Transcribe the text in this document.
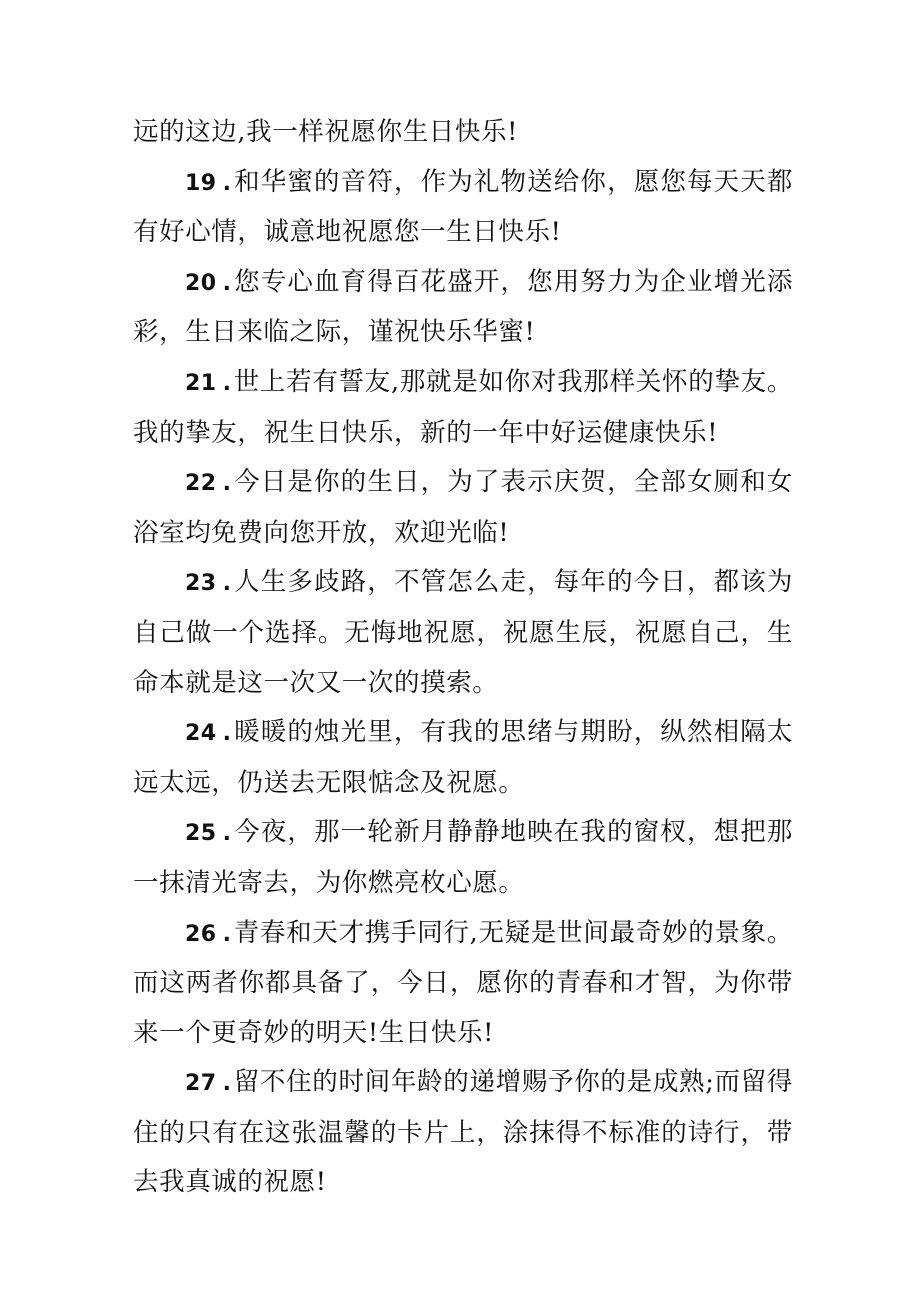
远的这边,我一样祝愿你生日快乐!

19 .和华蜜的音符，作为礼物送给你，愿您每天天都有好心情，诚意地祝愿您一生日快乐!

20 .您专心血育得百花盛开，您用努力为企业增光添彩，生日来临之际，谨祝快乐华蜜!

21 .世上若有誓友,那就是如你对我那样关怀的挚友。我的挚友，祝生日快乐，新的一年中好运健康快乐!

22 .今日是你的生日，为了表示庆贺，全部女厕和女浴室均免费向您开放，欢迎光临!

23 .人生多歧路，不管怎么走，每年的今日，都该为自己做一个选择。无悔地祝愿，祝愿生辰，祝愿自己，生命本就是这一次又一次的摸索。

24 .暖暖的烛光里，有我的思绪与期盼，纵然相隔太远太远，仍送去无限惦念及祝愿。

25 .今夜，那一轮新月静静地映在我的窗杈，想把那一抹清光寄去，为你燃亮枚心愿。

26 .青春和天才携手同行,无疑是世间最奇妙的景象。而这两者你都具备了，今日，愿你的青春和才智，为你带来一个更奇妙的明天!生日快乐!

27 .留不住的时间年龄的递增赐予你的是成熟;而留得住的只有在这张温馨的卡片上，涂抹得不标准的诗行，带去我真诚的祝愿!
